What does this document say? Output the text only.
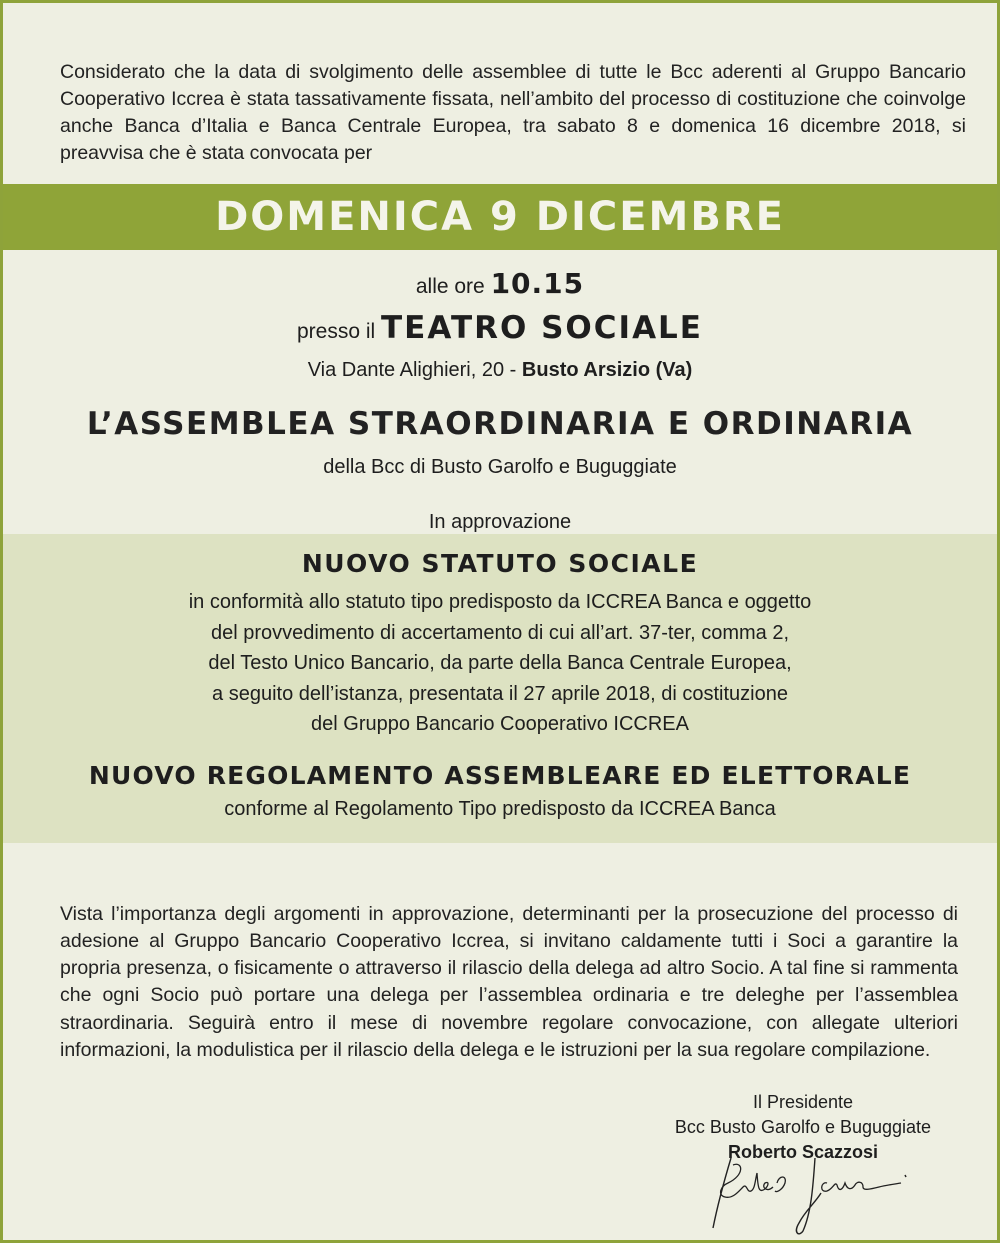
Considerato che la data di svolgimento delle assemblee di tutte le Bcc aderenti al Gruppo Bancario Cooperativo Iccrea è stata tassativamente fissata, nell’ambito del processo di costituzione che coinvolge anche Banca d’Italia e Banca Centrale Europea, tra sabato 8 e domenica 16 dicembre 2018, si preavvisa che è stata convocata per

DOMENICA 9 DICEMBRE
alle ore 10.15
presso il TEATRO SOCIALE
Via Dante Alighieri, 20 - Busto Arsizio (Va)
L’ASSEMBLEA STRAORDINARIA E ORDINARIA
della Bcc di Busto Garolfo e Buguggiate
In approvazione
NUOVO STATUTO SOCIALE
in conformità allo statuto tipo predisposto da ICCREA Banca e oggetto
del provvedimento di accertamento di cui all’art. 37-ter, comma 2,
del Testo Unico Bancario, da parte della Banca Centrale Europea,
a seguito dell’istanza, presentata il 27 aprile 2018, di costituzione
del Gruppo Bancario Cooperativo ICCREA
NUOVO REGOLAMENTO ASSEMBLEARE ED ELETTORALE
conforme al Regolamento Tipo predisposto da ICCREA Banca

Vista l’importanza degli argomenti in approvazione, determinanti per la prosecuzione del processo di adesione al Gruppo Bancario Cooperativo Iccrea, si invitano caldamente tutti i Soci a garantire la propria presenza, o fisicamente o attraverso il rilascio della delega ad altro Socio. A tal fine si rammenta che ogni Socio può portare una delega per l’assemblea ordinaria e tre deleghe per l’assemblea straordinaria. Seguirà entro il mese di novembre regolare convocazione, con allegate ulteriori informazioni, la modulistica per il rilascio della delega e le istruzioni per la sua regolare compilazione.

Il Presidente
Bcc Busto Garolfo e Buguggiate
Roberto Scazzosi
